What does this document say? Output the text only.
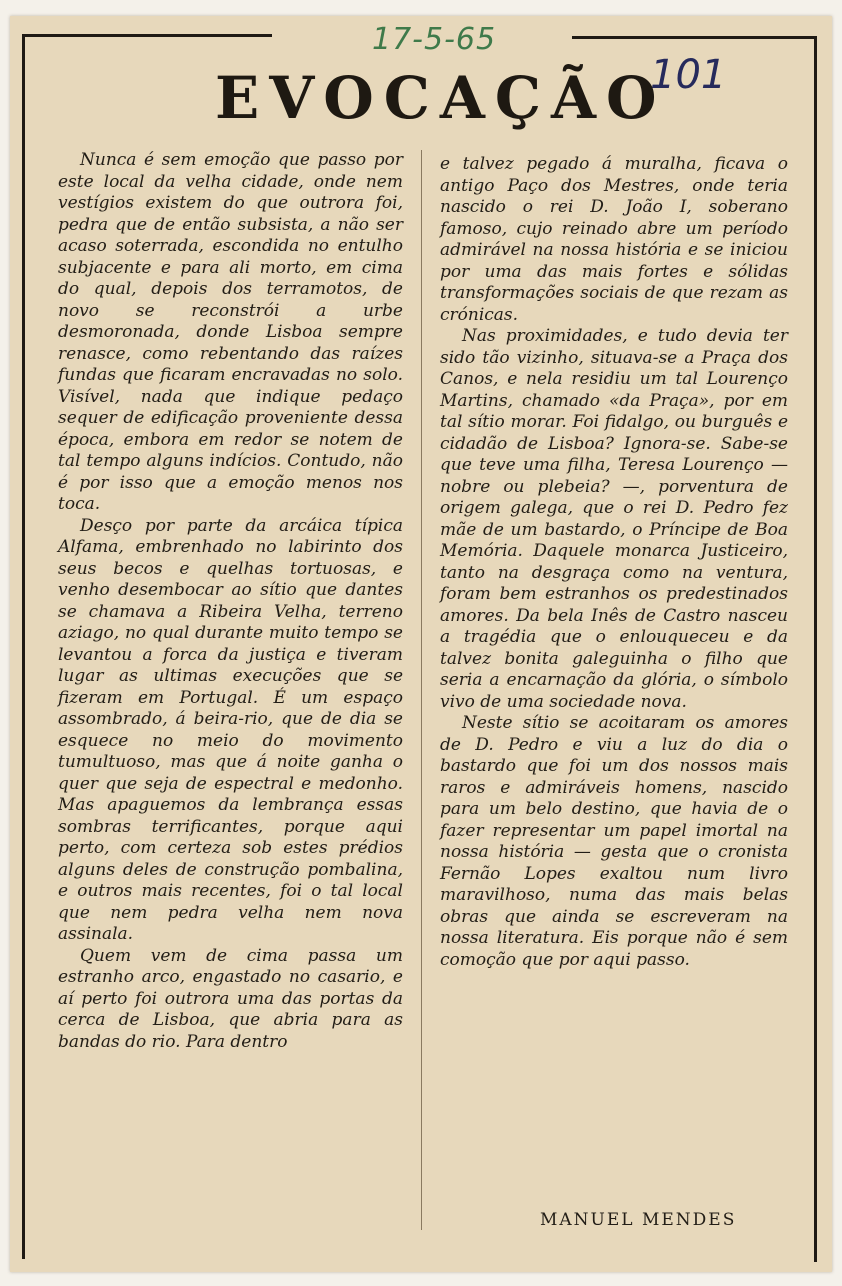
17-5-65
101
EVOCAÇÃO

Nunca é sem emoção que passo por este local da velha cidade, onde nem vestígios existem do que outrora foi, pedra que de então subsista, a não ser acaso soterrada, escondida no entulho subjacente e para ali morto, em cima do qual, depois dos terramotos, de novo se reconstrói a urbe desmoronada, donde Lisboa sempre renasce, como rebentando das raízes fundas que ficaram encravadas no solo. Visível, nada que indique pedaço sequer de edificação proveniente dessa época, embora em redor se notem de tal tempo alguns indícios. Contudo, não é por isso que a emoção menos nos toca.

Desço por parte da arcáica típica Alfama, embrenhado no labirinto dos seus becos e quelhas tortuosas, e venho desembocar ao sítio que dantes se chamava a Ribeira Velha, terreno aziago, no qual durante muito tempo se levantou a forca da justiça e tiveram lugar as ultimas execuções que se fizeram em Portugal. É um espaço assombrado, á beira-rio, que de dia se esquece no meio do movimento tumultuoso, mas que á noite ganha o quer que seja de espectral e medonho. Mas apaguemos da lembrança essas sombras terrificantes, porque aqui perto, com certeza sob estes prédios alguns deles de construção pombalina, e outros mais recentes, foi o tal local que nem pedra velha nem nova assinala.

Quem vem de cima passa um estranho arco, engastado no casario, e aí perto foi outrora uma das portas da cerca de Lisboa, que abria para as bandas do rio. Para dentro

e talvez pegado á muralha, ficava o antigo Paço dos Mestres, onde teria nascido o rei D. João I, soberano famoso, cujo reinado abre um período admirável na nossa história e se iniciou por uma das mais fortes e sólidas transformações sociais de que rezam as crónicas.

Nas proximidades, e tudo devia ter sido tão vizinho, situava-se a Praça dos Canos, e nela residiu um tal Lourenço Martins, chamado «da Praça», por em tal sítio morar. Foi fidalgo, ou burguês e cidadão de Lisboa? Ignora-se. Sabe-se que teve uma filha, Teresa Lourenço — nobre ou plebeia? —, porventura de origem galega, que o rei D. Pedro fez mãe de um bastardo, o Príncipe de Boa Memória. Daquele monarca Justiceiro, tanto na desgraça como na ventura, foram bem estranhos os predestinados amores. Da bela Inês de Castro nasceu a tragédia que o enlouqueceu e da talvez bonita galeguinha o filho que seria a encarnação da glória, o símbolo vivo de uma sociedade nova.

Neste sítio se acoitaram os amores de D. Pedro e viu a luz do dia o bastardo que foi um dos nossos mais raros e admiráveis homens, nascido para um belo destino, que havia de o fazer representar um papel imortal na nossa história — gesta que o cronista Fernão Lopes exaltou num livro maravilhoso, numa das mais belas obras que ainda se escreveram na nossa literatura. Eis porque não é sem comoção que por aqui passo.

MANUEL MENDES
